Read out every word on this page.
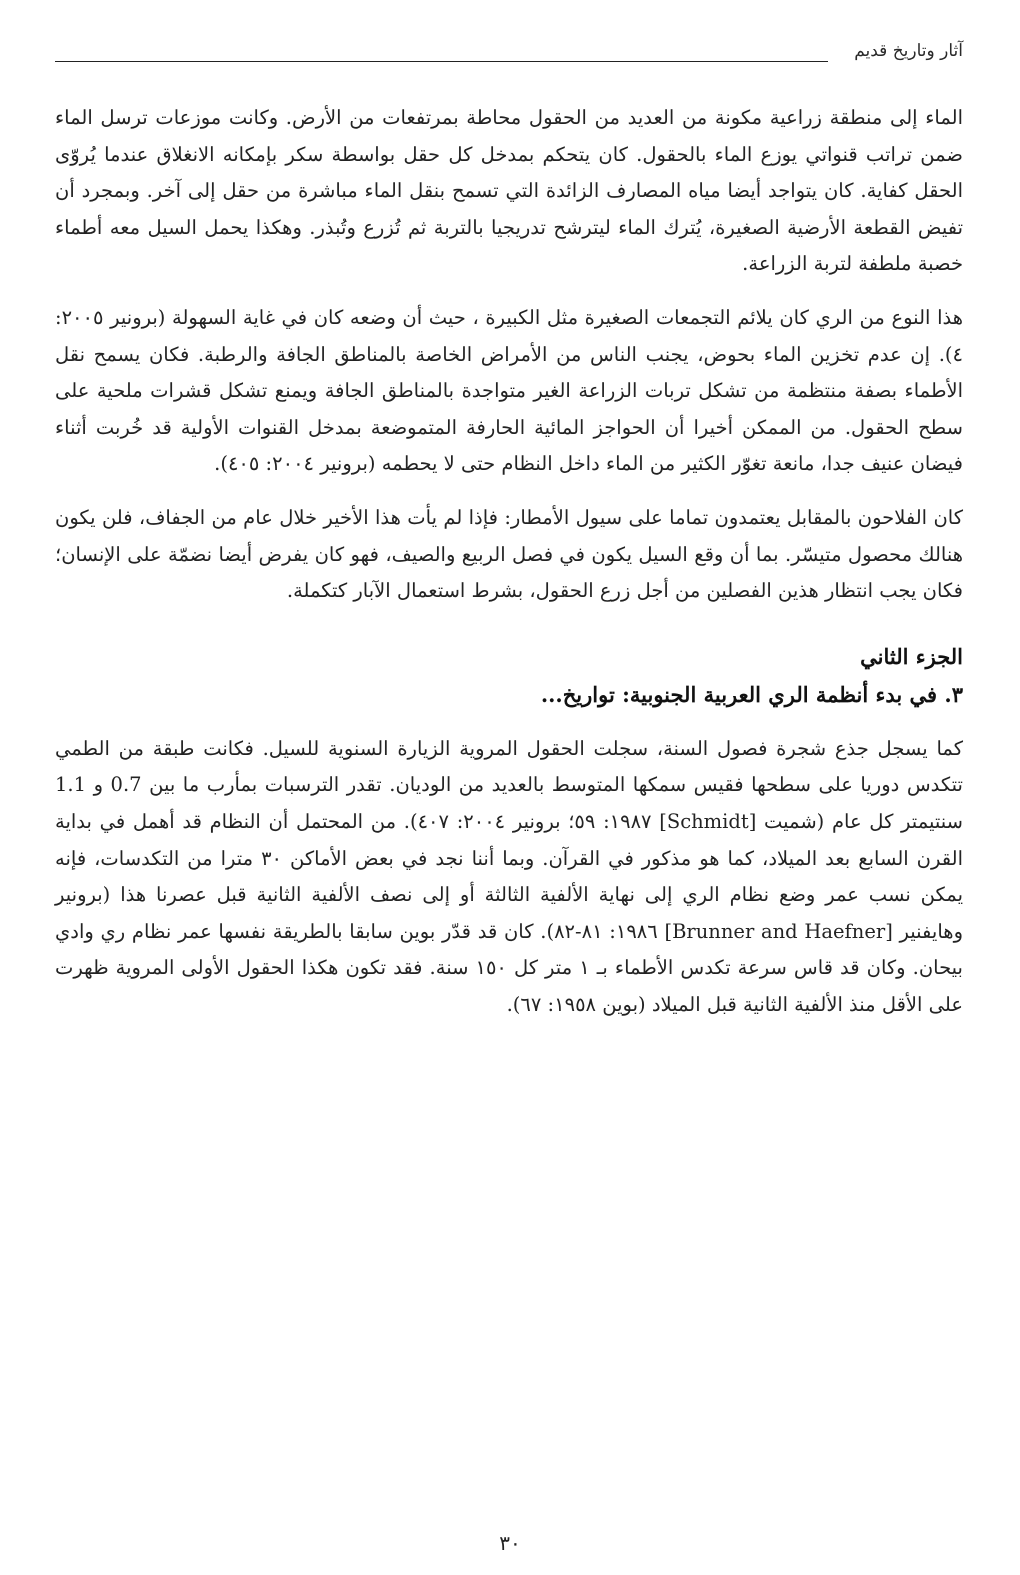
آثار وتاريخ قديم

الماء إلى منطقة زراعية مكونة من العديد من الحقول محاطة بمرتفعات من الأرض. وكانت موزعات ترسل الماء ضمن تراتب قنواتي يوزع الماء بالحقول. كان يتحكم بمدخل كل حقل بواسطة سكر بإمكانه الانغلاق عندما يُروّى الحقل كفاية. كان يتواجد أيضا مياه المصارف الزائدة التي تسمح بنقل الماء مباشرة من حقل إلى آخر. وبمجرد أن تفيض القطعة الأرضية الصغيرة، يُترك الماء ليترشح تدريجيا بالتربة ثم تُزرع وتُبذر. وهكذا يحمل السيل معه أطماء خصبة ملطفة لتربة الزراعة.

هذا النوع من الري كان يلائم التجمعات الصغيرة مثل الكبيرة ، حيث أن وضعه كان في غاية السهولة (برونير ٢٠٠٥: ٤). إن عدم تخزين الماء بحوض، يجنب الناس من الأمراض الخاصة بالمناطق الجافة والرطبة. فكان يسمح نقل الأطماء بصفة منتظمة من تشكل تربات الزراعة الغير متواجدة بالمناطق الجافة ويمنع تشكل قشرات ملحية على سطح الحقول. من الممكن أخيرا أن الحواجز المائية الحارفة المتموضعة بمدخل القنوات الأولية قد خُربت أثناء فيضان عنيف جدا، مانعة تغوّر الكثير من الماء داخل النظام حتى لا يحطمه (برونير ٢٠٠٤: ٤٠٥).

كان الفلاحون بالمقابل يعتمدون تماما على سيول الأمطار: فإذا لم يأت هذا الأخير خلال عام من الجفاف، فلن يكون هنالك محصول متيسّر. بما أن وقع السيل يكون في فصل الربيع والصيف، فهو كان يفرض أيضا نضمّة على الإنسان؛ فكان يجب انتظار هذين الفصلين من أجل زرع الحقول، بشرط استعمال الآبار كتكملة.

الجزء الثاني

٣. في بدء أنظمة الري العربية الجنوبية: تواريخ...

كما يسجل جذع شجرة فصول السنة، سجلت الحقول المروية الزيارة السنوية للسيل. فكانت طبقة من الطمي تتكدس دوريا على سطحها فقيس سمكها المتوسط بالعديد من الوديان. تقدر الترسبات بمأرب ما بين 0.7 و 1.1 سنتيمتر كل عام (شميت [Schmidt] ١٩٨٧: ٥٩؛ برونير ٢٠٠٤: ٤٠٧). من المحتمل أن النظام قد أهمل في بداية القرن السابع بعد الميلاد، كما هو مذكور في القرآن. وبما أننا نجد في بعض الأماكن ٣٠ مترا من التكدسات، فإنه يمكن نسب عمر وضع نظام الري إلى نهاية الألفية الثالثة أو إلى نصف الألفية الثانية قبل عصرنا هذا (برونير وهايفنير [Brunner and Haefner] ١٩٨٦: ٨١-٨٢). كان قد قدّر بوين سابقا بالطريقة نفسها عمر نظام ري وادي بيحان. وكان قد قاس سرعة تكدس الأطماء بـ ١ متر كل ١٥٠ سنة. فقد تكون هكذا الحقول الأولى المروية ظهرت على الأقل منذ الألفية الثانية قبل الميلاد (بوين ١٩٥٨: ٦٧).

٣٠
